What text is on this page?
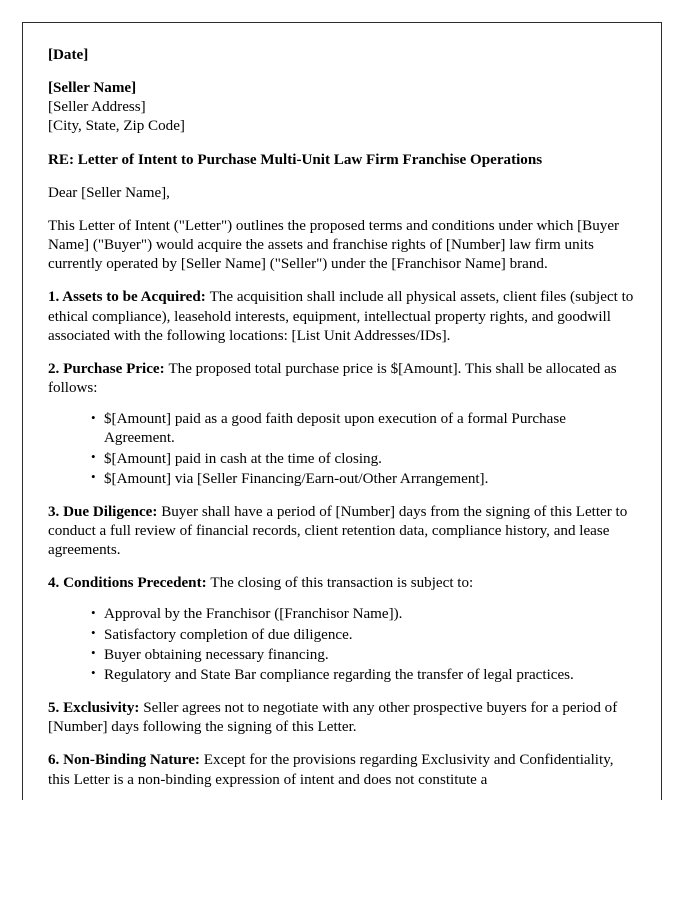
[Date]

[Seller Name]
[Seller Address]
[City, State, Zip Code]

RE: Letter of Intent to Purchase Multi-Unit Law Firm Franchise Operations

Dear [Seller Name],

This Letter of Intent ("Letter") outlines the proposed terms and conditions under which [Buyer Name] ("Buyer") would acquire the assets and franchise rights of [Number] law firm units currently operated by [Seller Name] ("Seller") under the [Franchisor Name] brand.

1. Assets to be Acquired: The acquisition shall include all physical assets, client files (subject to ethical compliance), leasehold interests, equipment, intellectual property rights, and goodwill associated with the following locations: [List Unit Addresses/IDs].

2. Purchase Price: The proposed total purchase price is $[Amount]. This shall be allocated as follows:

• $[Amount] paid as a good faith deposit upon execution of a formal Purchase Agreement.
• $[Amount] paid in cash at the time of closing.
• $[Amount] via [Seller Financing/Earn-out/Other Arrangement].

3. Due Diligence: Buyer shall have a period of [Number] days from the signing of this Letter to conduct a full review of financial records, client retention data, compliance history, and lease agreements.

4. Conditions Precedent: The closing of this transaction is subject to:

• Approval by the Franchisor ([Franchisor Name]).
• Satisfactory completion of due diligence.
• Buyer obtaining necessary financing.
• Regulatory and State Bar compliance regarding the transfer of legal practices.

5. Exclusivity: Seller agrees not to negotiate with any other prospective buyers for a period of [Number] days following the signing of this Letter.

6. Non-Binding Nature: Except for the provisions regarding Exclusivity and Confidentiality, this Letter is a non-binding expression of intent and does not constitute a
